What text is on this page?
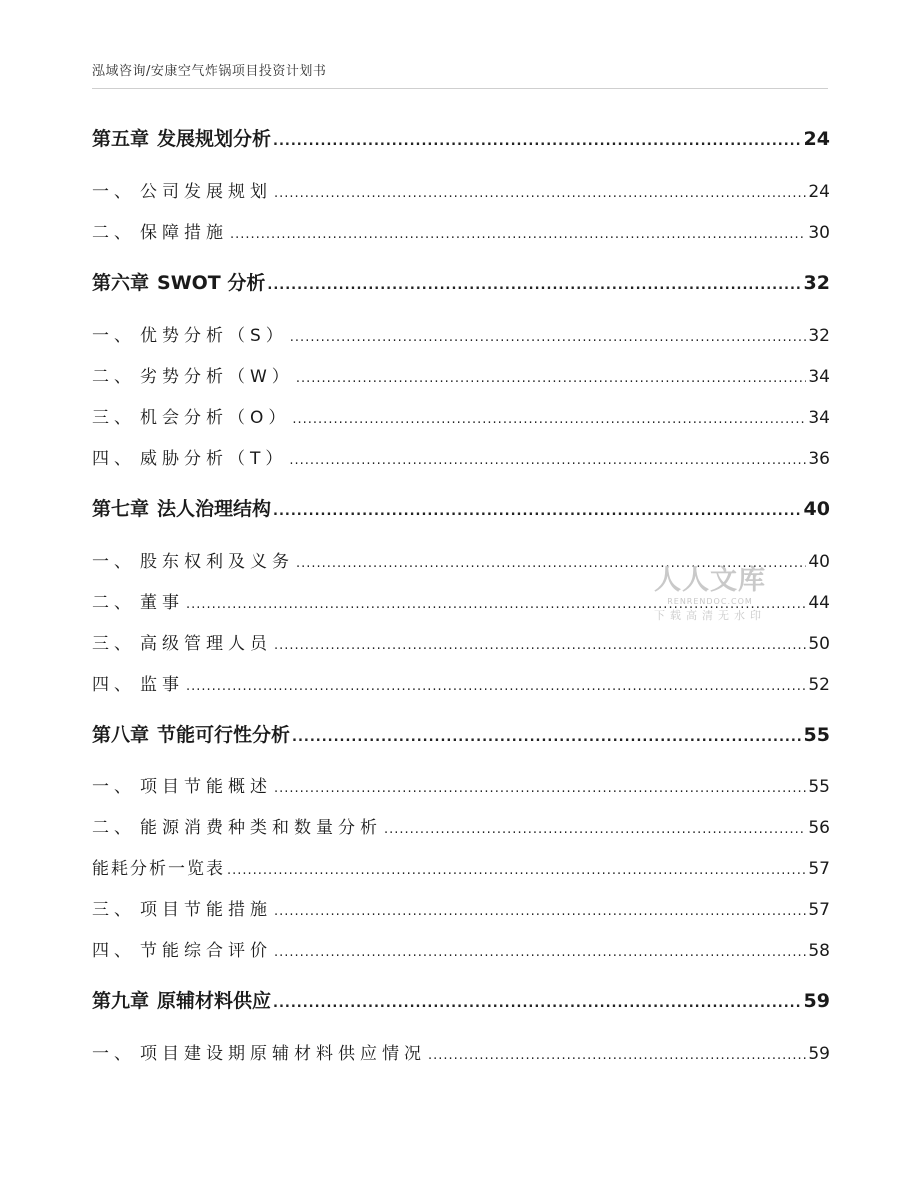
泓域咨询/安康空气炸锅项目投资计划书
第五章 发展规划分析 .....	24
一、 公司发展规划 .....	24
二、 保障措施 .....	30
第六章 SWOT 分析 .....	32
一、 优势分析（S） .....	32
二、 劣势分析（W） .....	34
三、 机会分析（O） .....	34
四、 威胁分析（T） .....	36
第七章 法人治理结构 .....	40
一、 股东权利及义务 .....	40
二、 董事 .....	44
三、 高级管理人员 .....	50
四、 监事 .....	52
第八章 节能可行性分析 .....	55
一、 项目节能概述 .....	55
二、 能源消费种类和数量分析 .....	56
能耗分析一览表 .....	57
三、 项目节能措施 .....	57
四、 节能综合评价 .....	58
第九章 原辅材料供应 .....	59
一、 项目建设期原辅材料供应情况 .....	59
人人文库
RENRENDOC.COM
下载高清无水印
